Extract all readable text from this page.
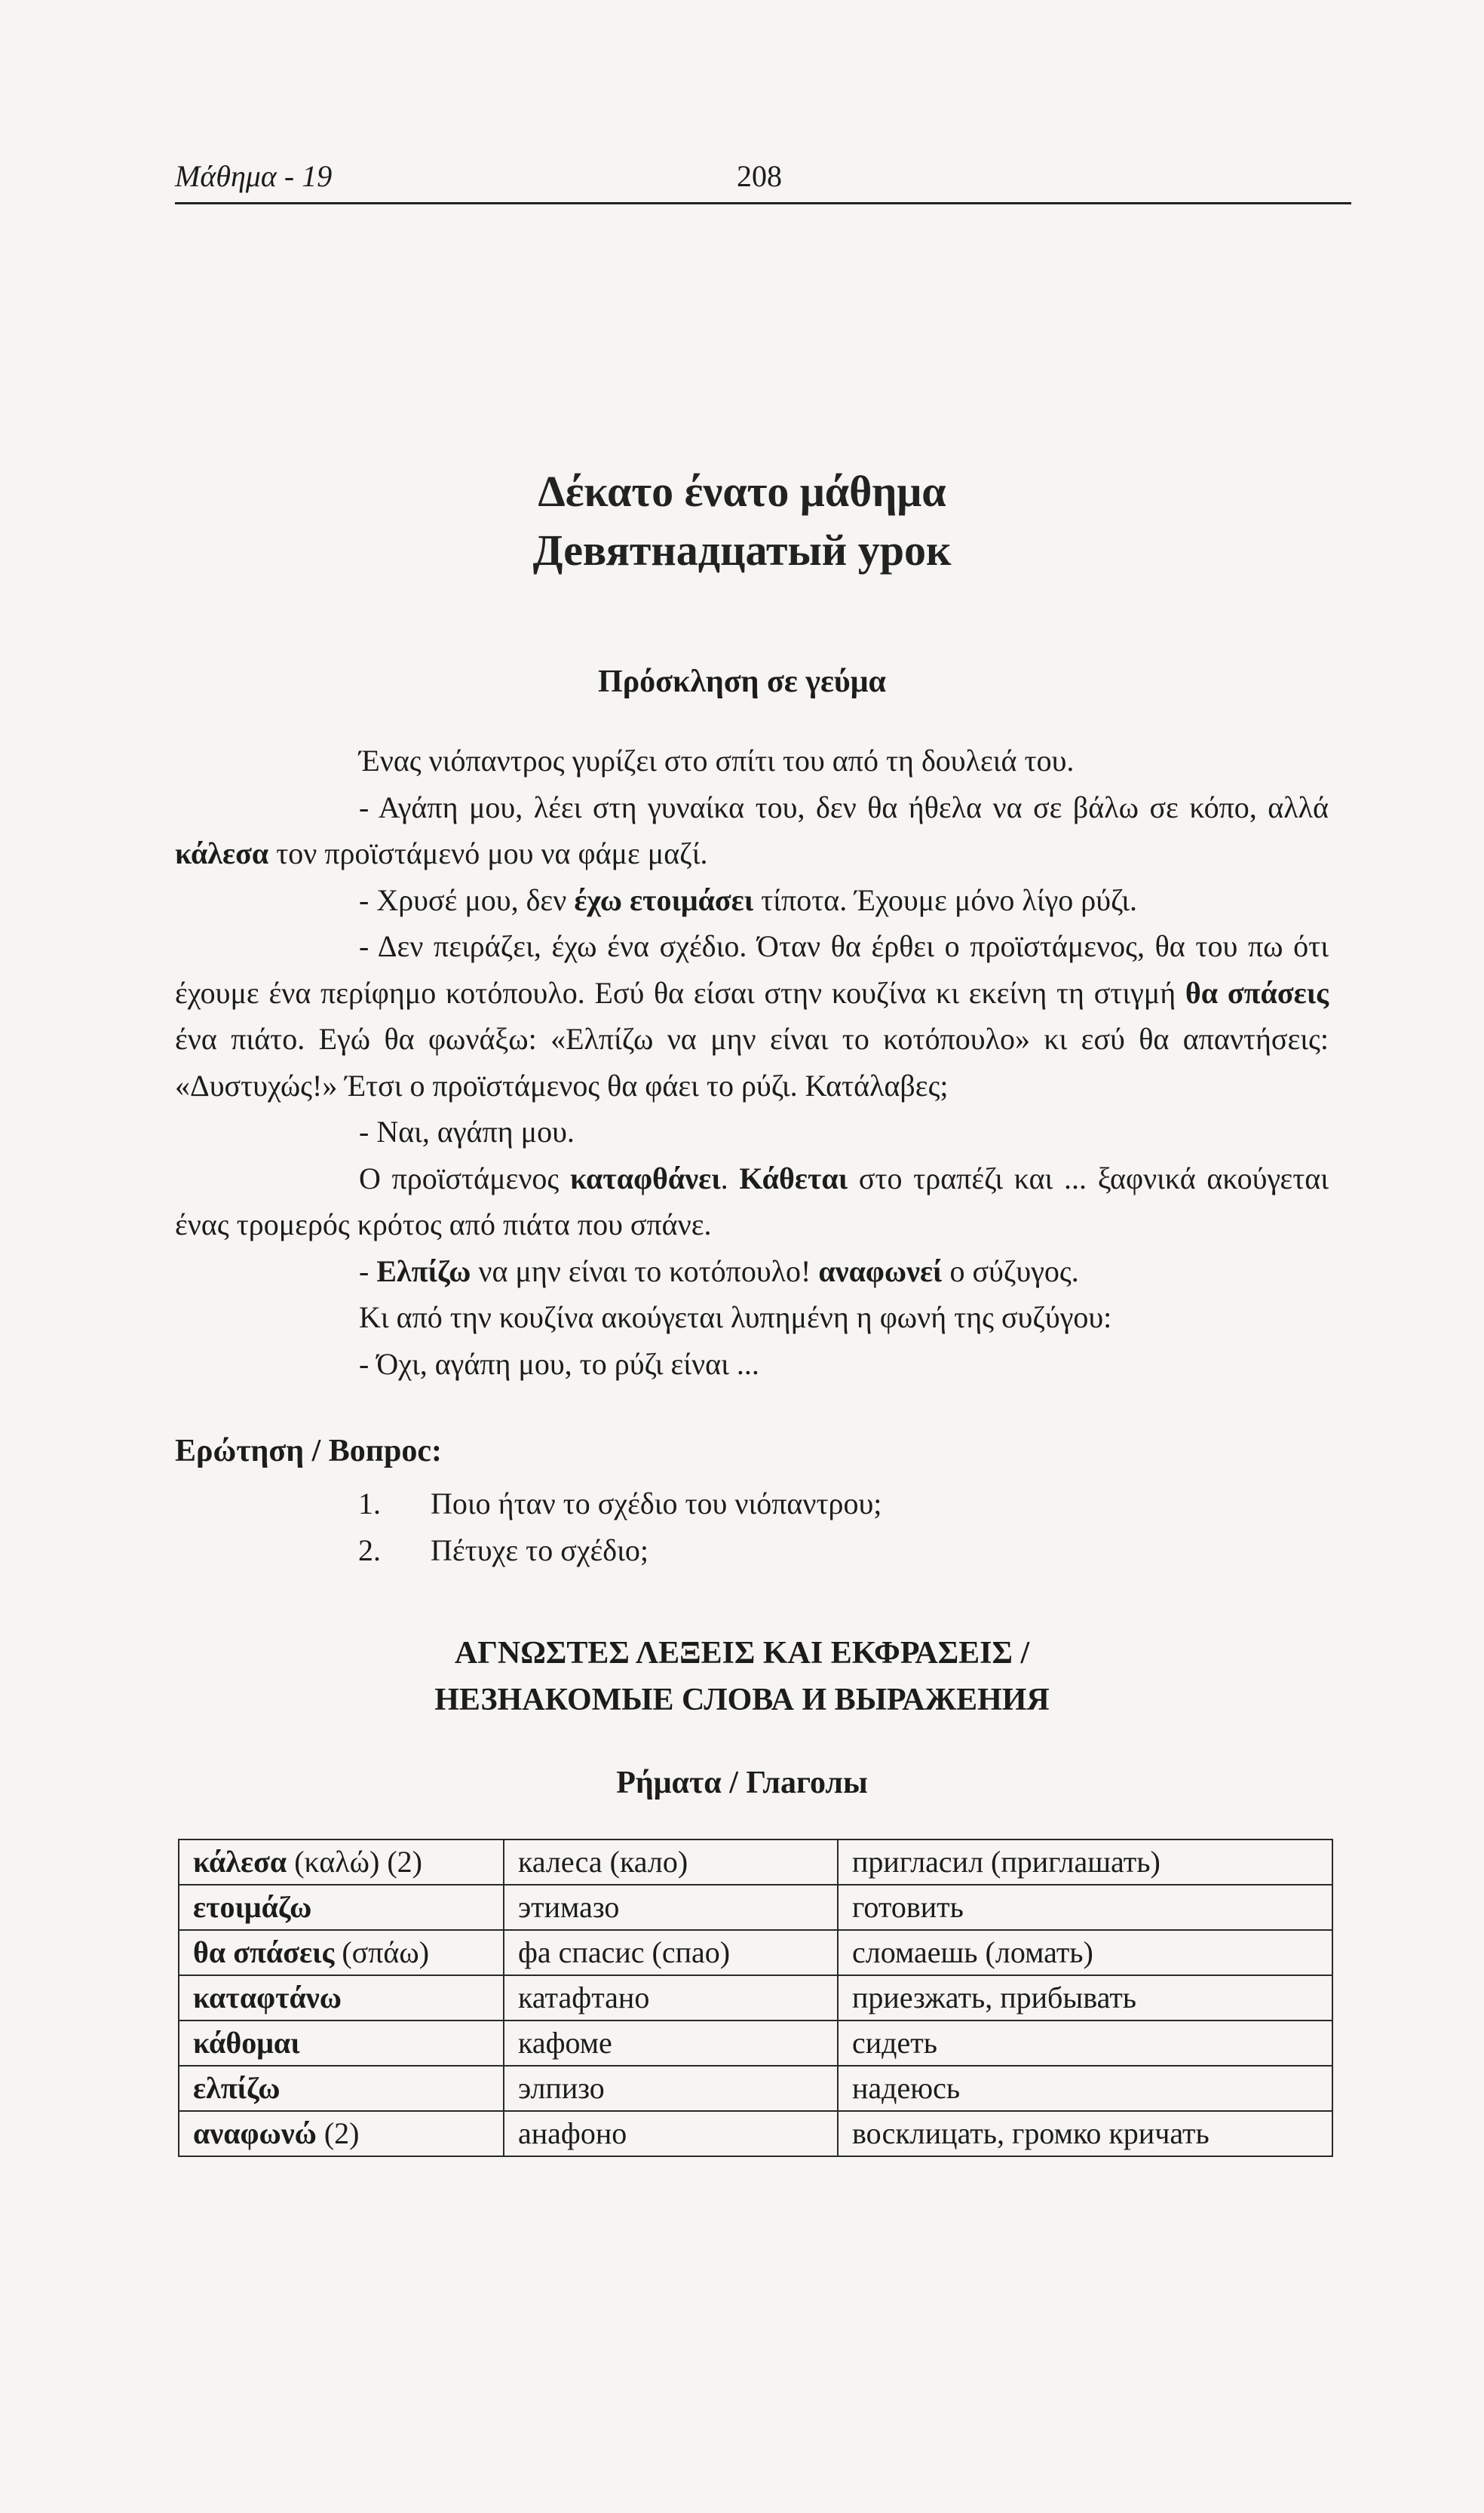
Μάθημα - 19	208
Δέκατο ένατο μάθημα
Девятнадцатый урок
Πρόσκληση σε γεύμα

Ένας νιόπαντρος γυρίζει στο σπίτι του από τη δουλειά του.

- Αγάπη μου, λέει στη γυναίκα του, δεν θα ήθελα να σε βάλω σε κόπο, αλλά κάλεσα τον προϊστάμενό μου να φάμε μαζί.

- Χρυσέ μου, δεν έχω ετοιμάσει τίποτα. Έχουμε μόνο λίγο ρύζι.

- Δεν πειράζει, έχω ένα σχέδιο. Όταν θα έρθει ο προϊστάμενος, θα του πω ότι έχουμε ένα περίφημο κοτόπουλο. Εσύ θα είσαι στην κουζίνα κι εκείνη τη στιγμή θα σπάσεις ένα πιάτο. Εγώ θα φωνάξω: «Ελπίζω να μην είναι το κοτόπουλο» κι εσύ θα απαντήσεις: «Δυστυχώς!» Έτσι ο προϊστάμενος θα φάει το ρύζι. Κατάλαβες;

- Ναι, αγάπη μου.

Ο προϊστάμενος καταφθάνει. Κάθεται στο τραπέζι και ... ξαφνικά ακούγεται ένας τρομερός κρότος από πιάτα που σπάνε.

- Ελπίζω να μην είναι το κοτόπουλο! αναφωνεί ο σύζυγος.

Κι από την κουζίνα ακούγεται λυπημένη η φωνή της συζύγου:

- Όχι, αγάπη μου, το ρύζι είναι ...

Ερώτηση / Вопрос:
1.	Ποιο ήταν το σχέδιο του νιόπαντρου;
2.	Πέτυχε το σχέδιο;
ΑΓΝΩΣΤΕΣ ΛΕΞΕΙΣ ΚΑΙ ΕΚΦΡΑΣΕΙΣ /
НЕЗНАКОМЫЕ СЛОВА И ВЫРАЖЕНИЯ
Ρήματα / Глаголы
κάλεσα (καλώ) (2)	калеса (кало)	пригласил (приглашать)
ετοιμάζω	этимазо	готовить
θα σπάσεις (σπάω)	фа спасис (спао)	сломаешь (ломать)
καταφτάνω	катафтано	приезжать, прибывать
κάθομαι	кафоме	сидеть
ελπίζω	элпизо	надеюсь
αναφωνώ (2)	анафоно	восклицать, громко кричать
